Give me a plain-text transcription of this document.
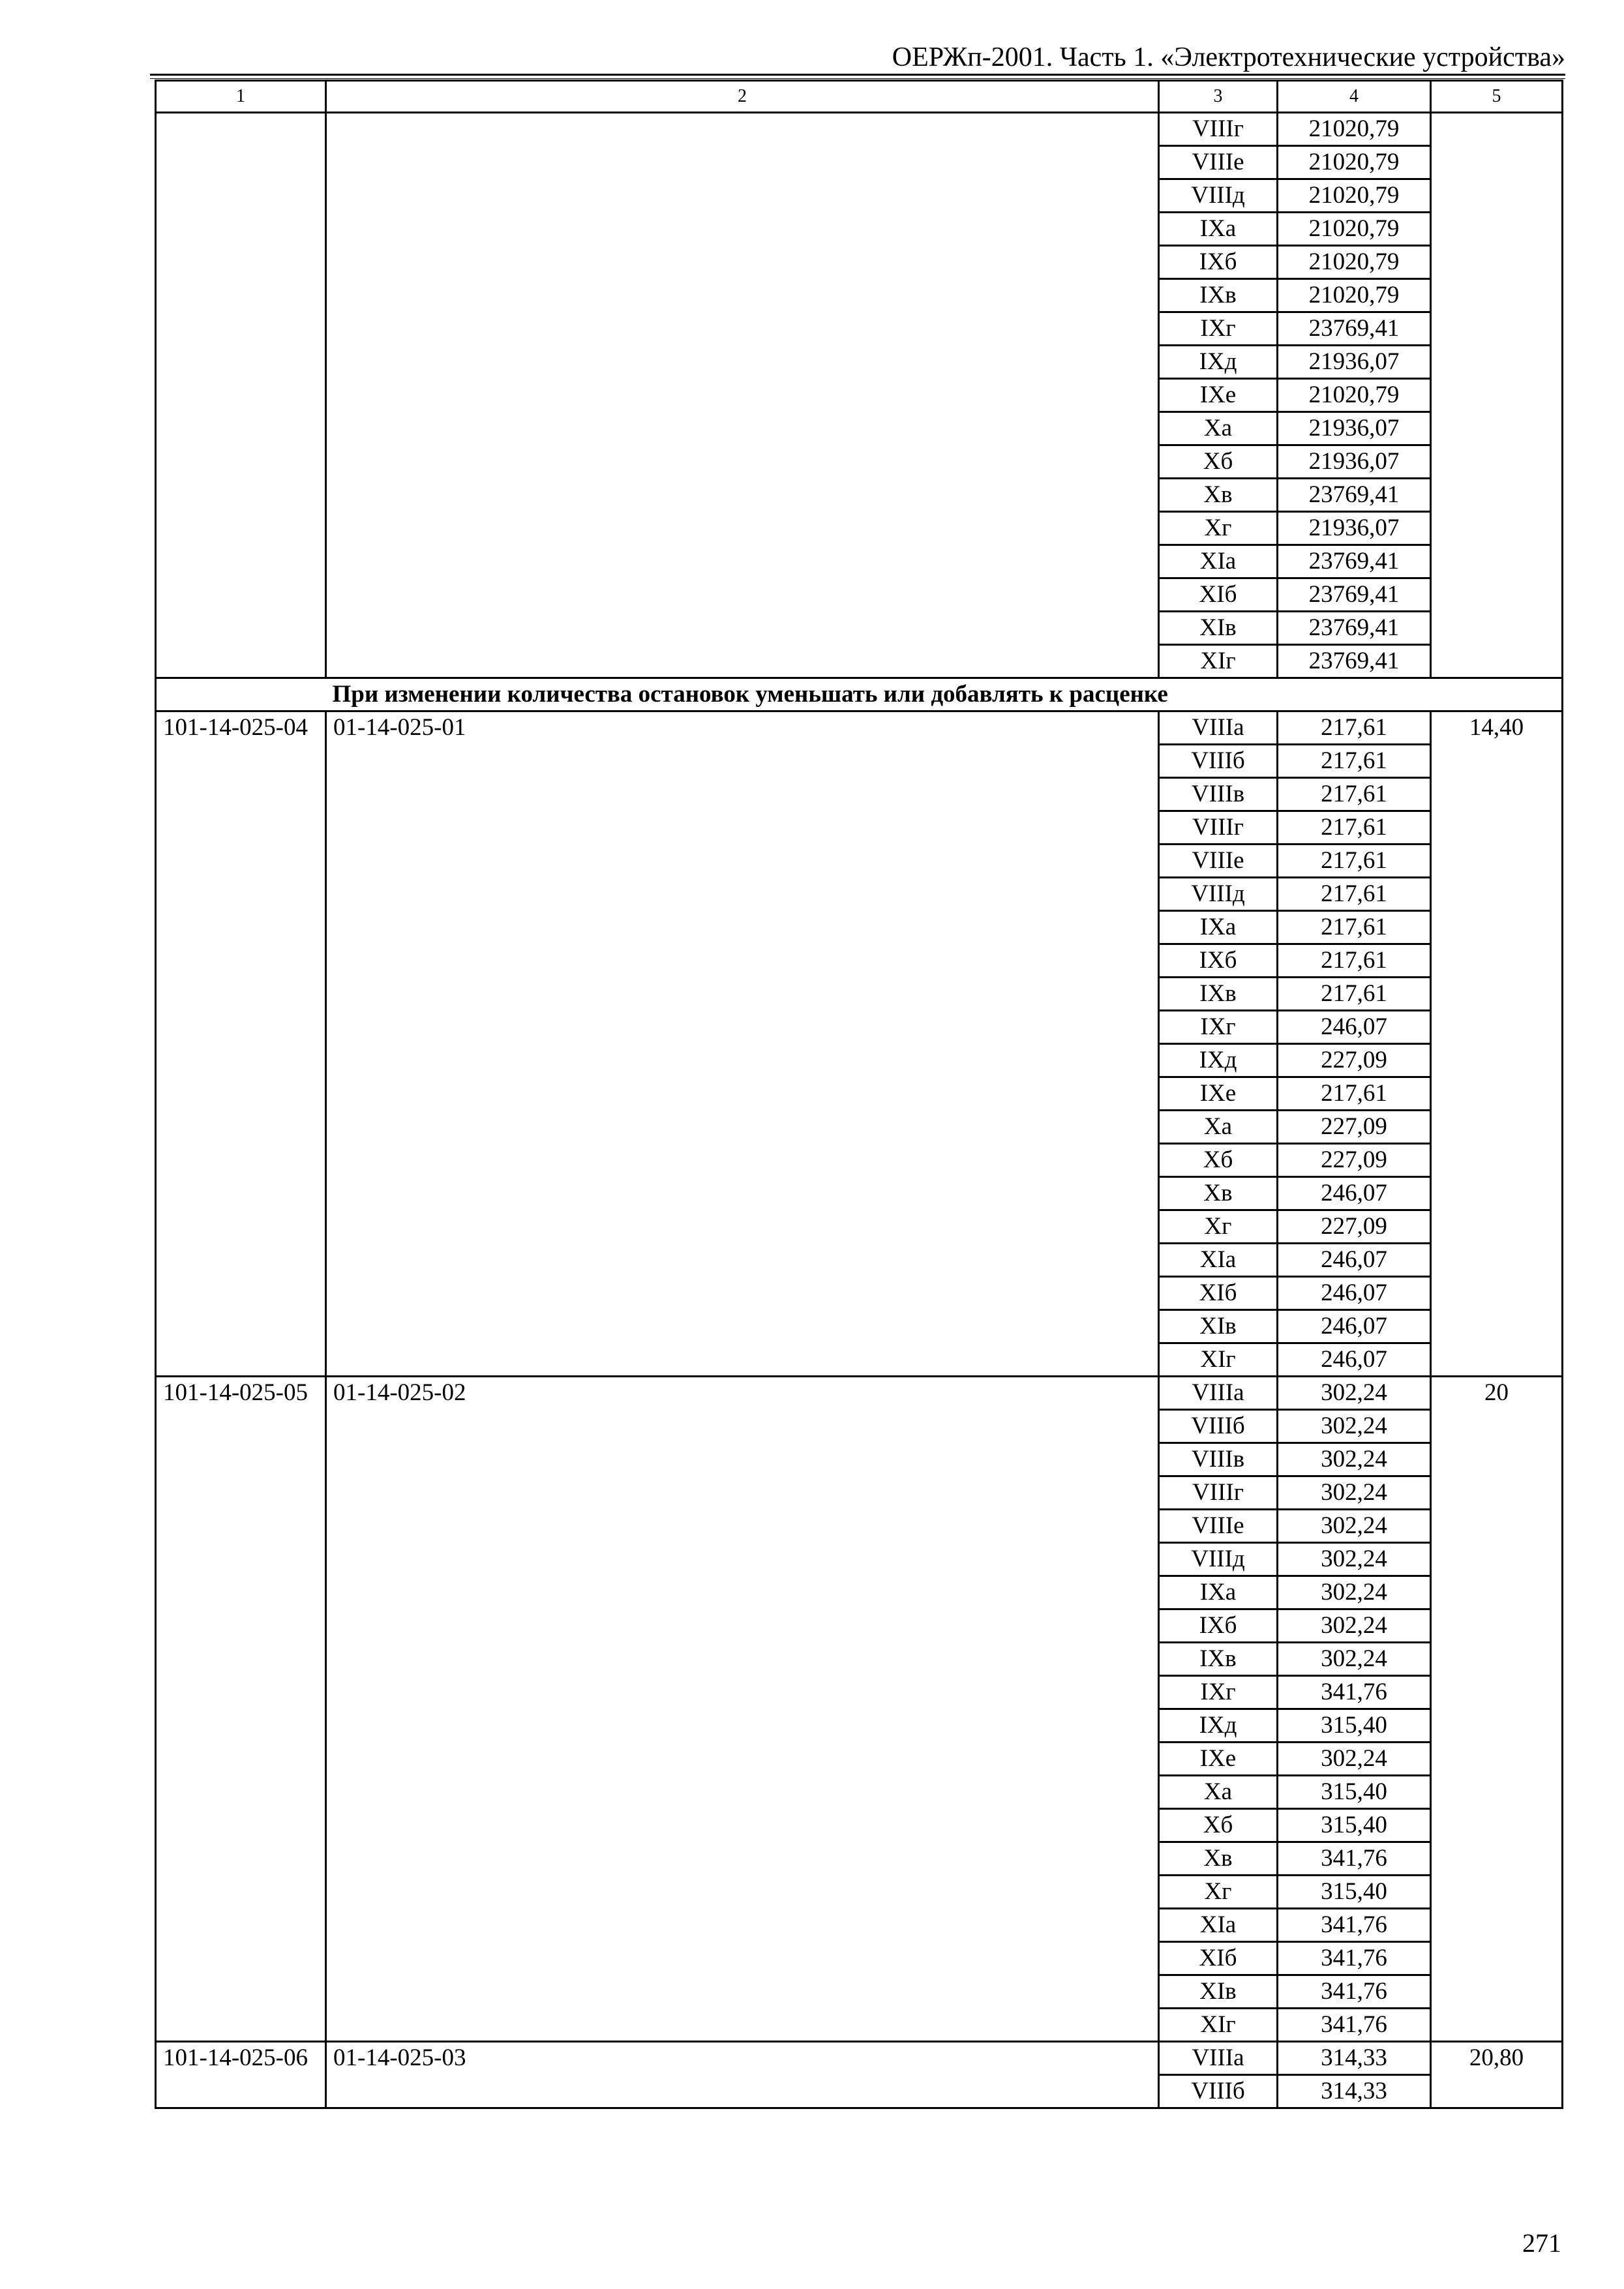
ОЕРЖп-2001. Часть 1. «Электротехнические устройства»
1	2	3	4	5
		VIIIг	21020,79	
		VIIIе	21020,79	
		VIIIд	21020,79	
		IXа	21020,79	
		IXб	21020,79	
		IXв	21020,79	
		IXг	23769,41	
		IXд	21936,07	
		IXе	21020,79	
		Xа	21936,07	
		Xб	21936,07	
		Xв	23769,41	
		Xг	21936,07	
		XIа	23769,41	
		XIб	23769,41	
		XIв	23769,41	
		XIг	23769,41	
	При изменении количества остановок уменьшать или добавлять к расценке			
101-14-025-04	01-14-025-01	VIIIа	217,61	14,40
		VIIIб	217,61	
		VIIIв	217,61	
		VIIIг	217,61	
		VIIIе	217,61	
		VIIIд	217,61	
		IXа	217,61	
		IXб	217,61	
		IXв	217,61	
		IXг	246,07	
		IXд	227,09	
		IXе	217,61	
		Xа	227,09	
		Xб	227,09	
		Xв	246,07	
		Xг	227,09	
		XIа	246,07	
		XIб	246,07	
		XIв	246,07	
		XIг	246,07	
101-14-025-05	01-14-025-02	VIIIа	302,24	20
		VIIIб	302,24	
		VIIIв	302,24	
		VIIIг	302,24	
		VIIIе	302,24	
		VIIIд	302,24	
		IXа	302,24	
		IXб	302,24	
		IXв	302,24	
		IXг	341,76	
		IXд	315,40	
		IXе	302,24	
		Xа	315,40	
		Xб	315,40	
		Xв	341,76	
		Xг	315,40	
		XIа	341,76	
		XIб	341,76	
		XIв	341,76	
		XIг	341,76	
101-14-025-06	01-14-025-03	VIIIа	314,33	20,80
		VIIIб	314,33	
271
